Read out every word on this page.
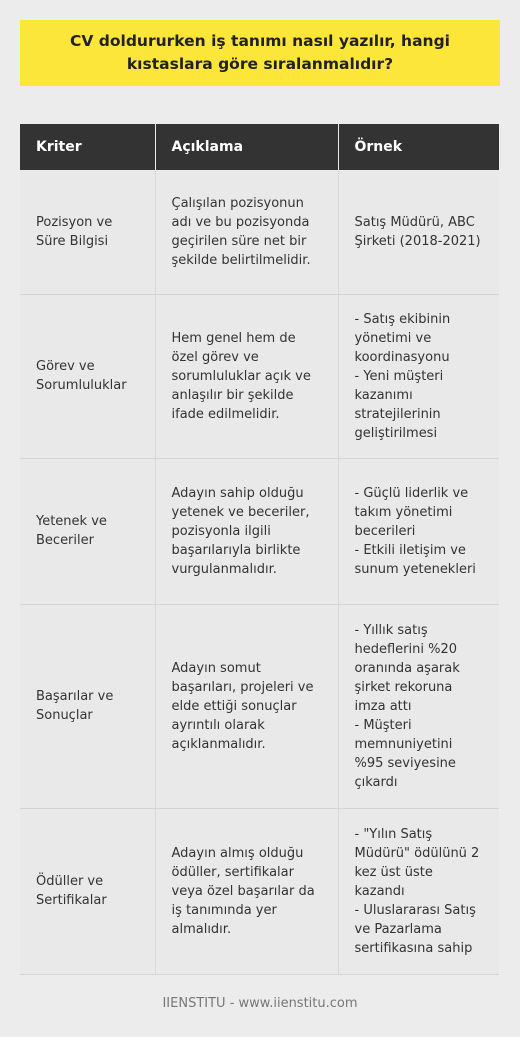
CV doldururken iş tanımı nasıl yazılır, hangi kıstaslara göre sıralanmalıdır?
Kriter	Açıklama	Örnek
Pozisyon ve Süre Bilgisi	Çalışılan pozisyonun adı ve bu pozisyonda geçirilen süre net bir şekilde belirtilmelidir.	Satış Müdürü, ABC Şirketi (2018-2021)
Görev ve Sorumluluklar	Hem genel hem de özel görev ve sorumluluklar açık ve anlaşılır bir şekilde ifade edilmelidir.	- Satış ekibinin yönetimi ve koordinasyonu
- Yeni müşteri kazanımı stratejilerinin geliştirilmesi
Yetenek ve Beceriler	Adayın sahip olduğu yetenek ve beceriler, pozisyonla ilgili başarılarıyla birlikte vurgulanmalıdır.	- Güçlü liderlik ve takım yönetimi becerileri
- Etkili iletişim ve sunum yetenekleri
Başarılar ve Sonuçlar	Adayın somut başarıları, projeleri ve elde ettiği sonuçlar ayrıntılı olarak açıklanmalıdır.	- Yıllık satış hedeflerini %20 oranında aşarak şirket rekoruna imza attı
- Müşteri memnuniyetini %95 seviyesine çıkardı
Ödüller ve Sertifikalar	Adayın almış olduğu ödüller, sertifikalar veya özel başarılar da iş tanımında yer almalıdır.	- "Yılın Satış Müdürü" ödülünü 2 kez üst üste kazandı
- Uluslararası Satış ve Pazarlama sertifikasına sahip
IIENSTITU - www.iienstitu.com
